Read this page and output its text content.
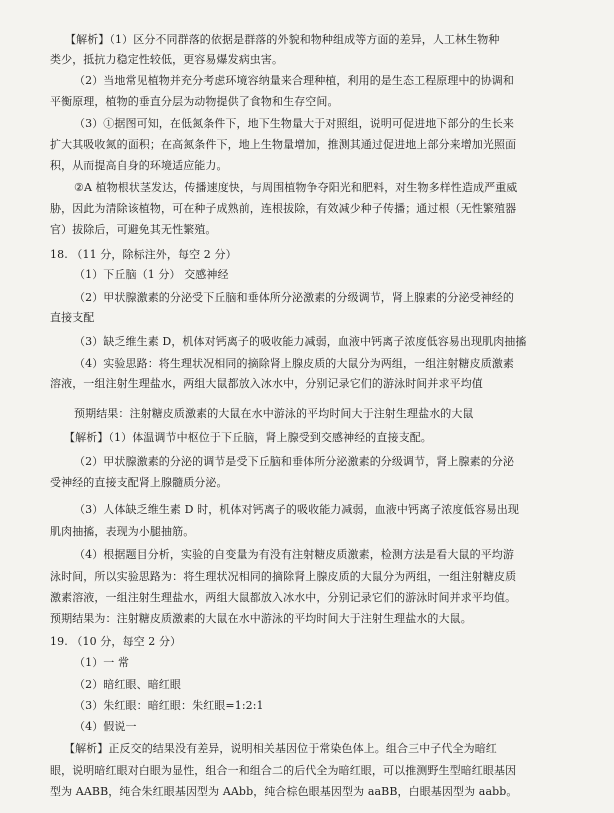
【解析】（1）区分不同群落的依据是群落的外貌和物种组成等方面的差异，人工林生物种
类少，抵抗力稳定性较低，更容易爆发病虫害。
（2）当地常见植物并充分考虑环境容纳量来合理种植，利用的是生态工程原理中的协调和
平衡原理，植物的垂直分层为动物提供了食物和生存空间。
（3）①据图可知，在低氮条件下，地下生物量大于对照组，说明可促进地下部分的生长来
扩大其吸收氮的面积；在高氮条件下，地上生物量增加，推测其通过促进地上部分来增加光照面
积，从而提高自身的环境适应能力。
②A 植物根状茎发达，传播速度快，与周围植物争夺阳光和肥料，对生物多样性造成严重威
胁，因此为清除该植物，可在种子成熟前，连根拔除，有效减少种子传播；通过根（无性繁殖器
官）拔除后，可避免其无性繁殖。
18. （11 分，除标注外，每空 2 分）
（1）下丘脑（1 分） 交感神经
（2）甲状腺激素的分泌受下丘脑和垂体所分泌激素的分级调节，肾上腺素的分泌受神经的
直接支配
（3）缺乏维生素 D，机体对钙离子的吸收能力减弱，血液中钙离子浓度低容易出现肌肉抽搐
（4）实验思路：将生理状况相同的摘除肾上腺皮质的大鼠分为两组，一组注射糖皮质激素
溶液，一组注射生理盐水，两组大鼠都放入冰水中，分别记录它们的游泳时间并求平均值
预期结果：注射糖皮质激素的大鼠在水中游泳的平均时间大于注射生理盐水的大鼠
【解析】（1）体温调节中枢位于下丘脑，肾上腺受到交感神经的直接支配。
（2）甲状腺激素的分泌的调节是受下丘脑和垂体所分泌激素的分级调节，肾上腺素的分泌
受神经的直接支配肾上腺髓质分泌。
（3）人体缺乏维生素 D 时，机体对钙离子的吸收能力减弱，血液中钙离子浓度低容易出现
肌肉抽搐，表现为小腿抽筋。
（4）根据题目分析，实验的自变量为有没有注射糖皮质激素，检测方法是看大鼠的平均游
泳时间，所以实验思路为：将生理状况相同的摘除肾上腺皮质的大鼠分为两组，一组注射糖皮质
激素溶液，一组注射生理盐水，两组大鼠都放入冰水中，分别记录它们的游泳时间并求平均值。
预期结果为：注射糖皮质激素的大鼠在水中游泳的平均时间大于注射生理盐水的大鼠。
19. （10 分，每空 2 分）
（1）一 常
（2）暗红眼、暗红眼
（3）朱红眼：暗红眼：朱红眼=1:2:1
（4）假说一
【解析】正反交的结果没有差异，说明相关基因位于常染色体上。组合三中子代全为暗红
眼，说明暗红眼对白眼为显性，组合一和组合二的后代全为暗红眼，可以推测野生型暗红眼基因
型为 AABB，纯合朱红眼基因型为 AAbb，纯合棕色眼基因型为 aaBB，白眼基因型为 aabb。
